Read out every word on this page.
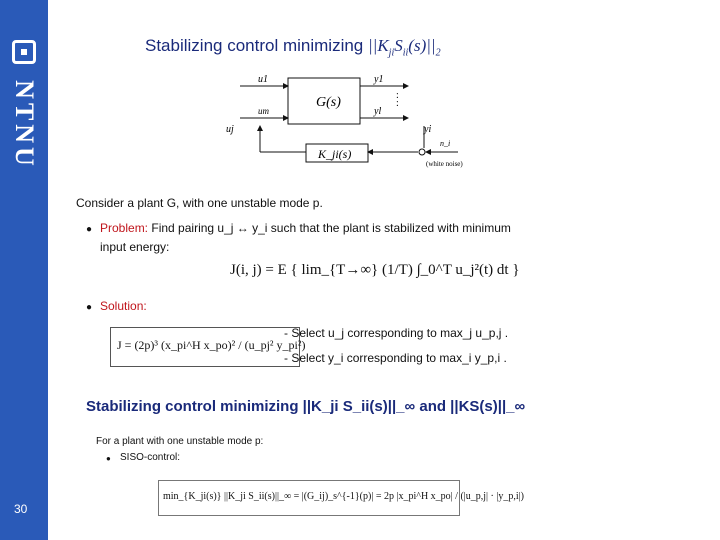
NTNU
30
Stabilizing control minimizing $||K_{ji}S_{ii}(s)||_2$
G(s)
u1
um
uj
y1
:
:
yl
yi
K_ji(s)
n_i
(white noise)
Consider a plant G, with one unstable mode p.
● Problem: Find pairing u_j ↔ y_i such that the plant is stabilized with minimum
input energy:
J(i, j) = E { lim_{T→∞} (1/T) ∫_0^T u_j²(t) dt }
● Solution:
J = (2p)³ (x_pi^H x_po)² / (u_pj² y_pi²)
- Select u_j corresponding to max_j u_p,j .
- Select y_i corresponding to max_i y_p,i .
Stabilizing control minimizing ||K_ji S_ii(s)||_∞ and ||KS(s)||_∞
For a plant with one unstable mode p:
● SISO-control:
min_{K_ji(s)} ||K_ji S_ii(s)||_∞ = |(G_ij)_s^{-1}(p)| = 2p |x_pi^H x_po| / (|u_p,j| · |y_p,i|)
